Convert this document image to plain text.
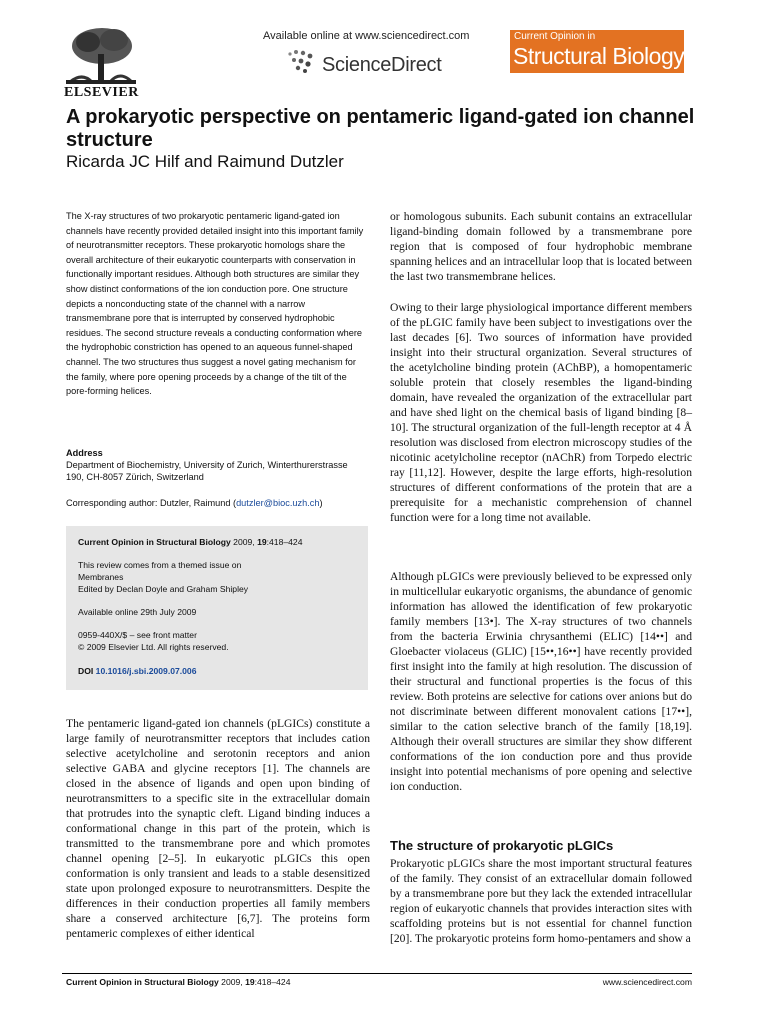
ELSEVIER
Available online at www.sciencedirect.com
ScienceDirect
Current Opinion in
Structural Biology
A prokaryotic perspective on pentameric ligand-gated ion channel structure
Ricarda JC Hilf and Raimund Dutzler

The X-ray structures of two prokaryotic pentameric ligand-gated ion channels have recently provided detailed insight into this important family of neurotransmitter receptors. These prokaryotic homologs share the overall architecture of their eukaryotic counterparts with conservation in functionally important residues. Although both structures are similar they show distinct conformations of the ion conduction pore. One structure depicts a nonconducting state of the channel with a narrow transmembrane pore that is interrupted by conserved hydrophobic residues. The second structure reveals a conducting conformation where the hydrophobic constriction has opened to an aqueous funnel-shaped channel. The two structures thus suggest a novel gating mechanism for the family, where pore opening proceeds by a change of the tilt of the pore-forming helices.

Address
Department of Biochemistry, University of Zurich, Winterthurerstrasse 190, CH-8057 Zürich, Switzerland
Corresponding author: Dutzler, Raimund (dutzler@bioc.uzh.ch)
Current Opinion in Structural Biology 2009, 19:418–424
This review comes from a themed issue on
Membranes
Edited by Declan Doyle and Graham Shipley
Available online 29th July 2009
0959-440X/$ – see front matter
© 2009 Elsevier Ltd. All rights reserved.
DOI 10.1016/j.sbi.2009.07.006

The pentameric ligand-gated ion channels (pLGICs) constitute a large family of neurotransmitter receptors that includes cation selective acetylcholine and serotonin receptors and anion selective GABA and glycine receptors [1]. The channels are closed in the absence of ligands and open upon binding of neurotransmitters to a specific site in the extracellular domain that protrudes into the synaptic cleft. Ligand binding induces a conformational change in this part of the protein, which is transmitted to the transmembrane pore and which promotes channel opening [2–5]. In eukaryotic pLGICs this open conformation is only transient and leads to a stable desensitized state upon prolonged exposure to neurotransmitters. Despite the differences in their conduction properties all family members share a conserved architecture [6,7]. The proteins form pentameric complexes of either identical

or homologous subunits. Each subunit contains an extracellular ligand-binding domain followed by a transmembrane pore region that is composed of four hydrophobic membrane spanning helices and an intracellular loop that is located between the last two transmembrane helices.

Owing to their large physiological importance different members of the pLGIC family have been subject to investigations over the last decades [6]. Two sources of information have provided insight into their structural organization. Several structures of the acetylcholine binding protein (AChBP), a homopentameric soluble protein that closely resembles the ligand-binding domain, have revealed the organization of the extracellular part and have shed light on the chemical basis of ligand binding [8–10]. The structural organization of the full-length receptor at 4 Å resolution was disclosed from electron microscopy studies of the nicotinic acetylcholine receptor (nAChR) from Torpedo electric ray [11,12]. However, despite the large efforts, high-resolution structures of different conformations of the protein that are a prerequisite for a mechanistic comprehension of channel function were for a long time not available.

Although pLGICs were previously believed to be expressed only in multicellular eukaryotic organisms, the abundance of genomic information has allowed the identification of few prokaryotic family members [13•]. The X-ray structures of two channels from the bacteria Erwinia chrysanthemi (ELIC) [14••] and Gloebacter violaceus (GLIC) [15••,16••] have recently provided first insight into the family at high resolution. The discussion of their structural and functional properties is the focus of this review. Both proteins are selective for cations over anions but do not discriminate between different monovalent cations [17••], similar to the cation selective branch of the family [18,19]. Although their overall structures are similar they show different conformations of the ion conduction pore and thus provide insight into potential mechanisms of pore opening and selective ion conduction.

The structure of prokaryotic pLGICs

Prokaryotic pLGICs share the most important structural features of the family. They consist of an extracellular domain followed by a transmembrane pore but they lack the extended intracellular region of eukaryotic channels that provides interaction sites with scaffolding proteins but is not essential for channel function [20]. The prokaryotic proteins form homo-pentamers and show a

Current Opinion in Structural Biology 2009, 19:418–424	www.sciencedirect.com
